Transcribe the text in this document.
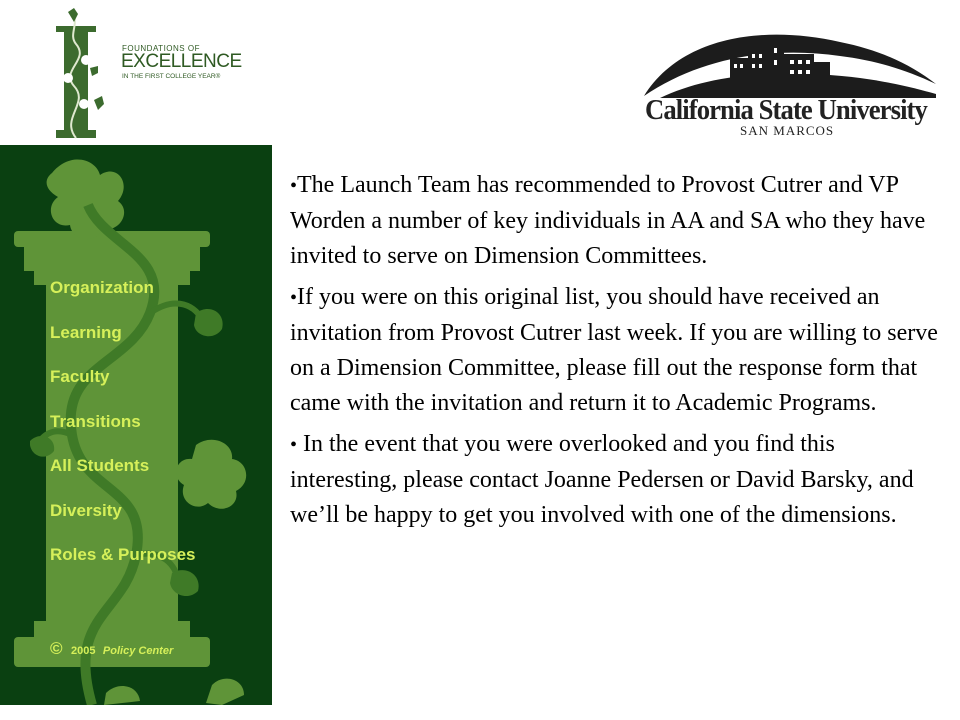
FOUNDATIONS OF
EXCELLENCE
IN THE FIRST COLLEGE YEAR®
California State University
SAN MARCOS
Organization
Learning
Faculty
Transitions
All Students
Diversity
Roles & Purposes
© 2005 Policy Center

•The Launch Team has recommended to Provost Cutrer and VP Worden a number of key individuals in AA and SA who they have invited to serve on Dimension Committees.

•If you were on this original list, you should have received an invitation from Provost Cutrer last week. If you are willing to serve on a Dimension Committee, please fill out the response form that came with the invitation and return it to Academic Programs.

• In the event that you were overlooked and you find this interesting, please contact Joanne Pedersen or David Barsky, and we’ll be happy to get you involved with one of the dimensions.
